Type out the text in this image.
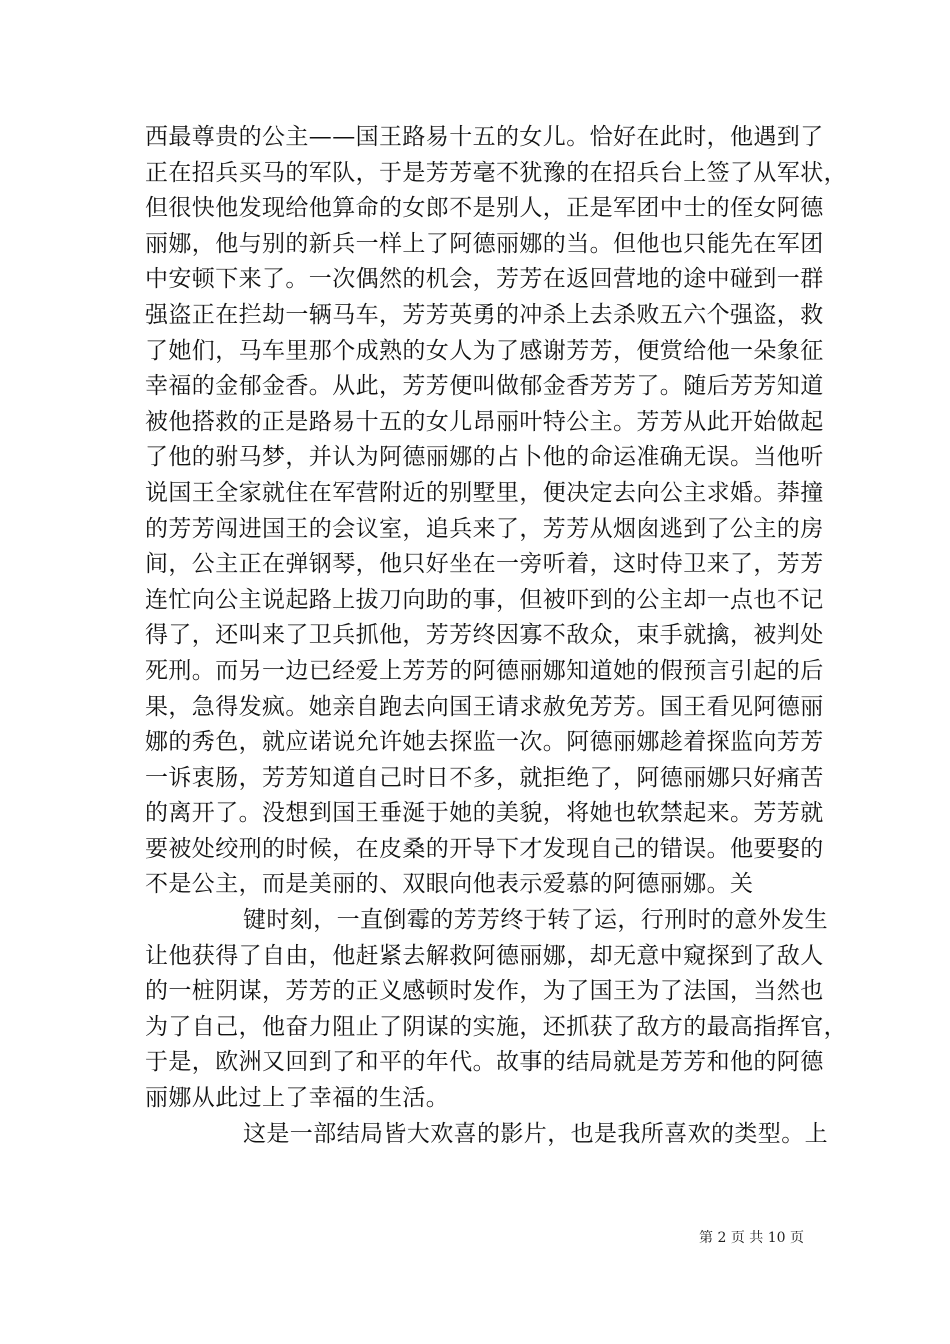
西最尊贵的公主——国王路易十五的女儿。恰好在此时，他遇到了
正在招兵买马的军队，于是芳芳毫不犹豫的在招兵台上签了从军状，
但很快他发现给他算命的女郎不是别人，正是军团中士的侄女阿德
丽娜，他与别的新兵一样上了阿德丽娜的当。但他也只能先在军团
中安顿下来了。一次偶然的机会，芳芳在返回营地的途中碰到一群
强盗正在拦劫一辆马车，芳芳英勇的冲杀上去杀败五六个强盗，救
了她们，马车里那个成熟的女人为了感谢芳芳，便赏给他一朵象征
幸福的金郁金香。从此，芳芳便叫做郁金香芳芳了。随后芳芳知道
被他搭救的正是路易十五的女儿昂丽叶特公主。芳芳从此开始做起
了他的驸马梦，并认为阿德丽娜的占卜他的命运准确无误。当他听
说国王全家就住在军营附近的别墅里，便决定去向公主求婚。莽撞
的芳芳闯进国王的会议室，追兵来了，芳芳从烟囱逃到了公主的房
间，公主正在弹钢琴，他只好坐在一旁听着，这时侍卫来了，芳芳
连忙向公主说起路上拔刀向助的事，但被吓到的公主却一点也不记
得了，还叫来了卫兵抓他，芳芳终因寡不敌众，束手就擒，被判处
死刑。而另一边已经爱上芳芳的阿德丽娜知道她的假预言引起的后
果，急得发疯。她亲自跑去向国王请求赦免芳芳。国王看见阿德丽
娜的秀色，就应诺说允许她去探监一次。阿德丽娜趁着探监向芳芳
一诉衷肠，芳芳知道自己时日不多，就拒绝了，阿德丽娜只好痛苦
的离开了。没想到国王垂涎于她的美貌，将她也软禁起来。芳芳就
要被处绞刑的时候，在皮桑的开导下才发现自己的错误。他要娶的
不是公主，而是美丽的、双眼向他表示爱慕的阿德丽娜。关
键时刻，一直倒霉的芳芳终于转了运，行刑时的意外发生
让他获得了自由，他赶紧去解救阿德丽娜，却无意中窥探到了敌人
的一桩阴谋，芳芳的正义感顿时发作，为了国王为了法国，当然也
为了自己，他奋力阻止了阴谋的实施，还抓获了敌方的最高指挥官，
于是，欧洲又回到了和平的年代。故事的结局就是芳芳和他的阿德
丽娜从此过上了幸福的生活。
这是一部结局皆大欢喜的影片，也是我所喜欢的类型。上
第 2 页 共 10 页
